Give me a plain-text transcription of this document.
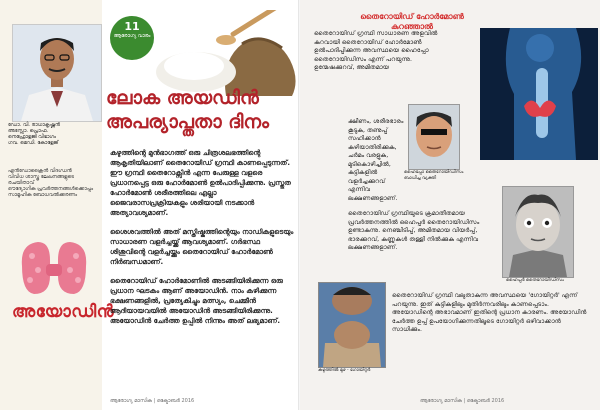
ഡോ. വി. രാധാകൃഷ്ണൻ
അസ്സോ. പ്രൊഫ.
നെഫ്രോളജി വിഭാഗം
ഗവ. മെഡി. കോളേജ്
എൻഡോക്രൈൻ വിദഗ്ധൻ
വിവിധ ശാസ്ത്ര ലേഖനങ്ങളുടെ രചയിതാവ്
ഔദ്യോഗിക പ്രവർത്തനങ്ങൾക്കൊപ്പം
സാമൂഹിക ബോധവൽക്കരണം
അയോഡിൻ
11
ആരോഗ്യ വാരം
ലോക അയഡിൻ അപര്യാപ്തതാ ദിനം

കഴുത്തിന്റെ മുൻഭാഗത്ത് ഒരു ചിത്രശലഭത്തിന്റെ ആകൃതിയിലാണ് തൈറോയിഡ് ഗ്രന്ഥി കാണപ്പെടുന്നത്. ഈ ഗ്രന്ഥി തൈറോക്സിൻ എന്ന പേരുള്ള വളരെ പ്രധാനപ്പെട്ട ഒരു ഹോർമോൺ ഉൽപാദിപ്പിക്കുന്നു. പ്രസ്തുത ഹോർമോൺ ശരീരത്തിലെ എല്ലാ ജൈവരാസപ്രക്രിയകളും ശരിയായി നടക്കാൻ അത്യാവശ്യമാണ്.

ശൈശവത്തിൽ അത് മസ്തിഷ്കത്തിന്റെയും നാഡികളുടെയും സാധാരണ വളർച്ചയ്ക്ക് ആവശ്യമാണ്. ഗർഭസ്ഥ ശിശുവിന്റെ വളർച്ചയ്ക്കും തൈറോയിഡ് ഹോർമോൺ നിർബന്ധമാണ്.

തൈറോയിഡ് ഹോർമോണിൽ അടങ്ങിയിരിക്കുന്ന ഒരു പ്രധാന ഘടകം ആണ് അയോഡിൻ. നാം കഴിക്കുന്ന ഭക്ഷണങ്ങളിൽ, പ്രത്യേകിച്ചും മത്സ്യം, ചെമ്മീൻ ആദിയായവയിൽ അയോഡിൻ അടങ്ങിയിരിക്കുന്നു. അയോഡിൻ ചേർത്ത ഉപ്പിൽ നിന്നും അത് ലഭ്യമാണ്.

ആരോഗ്യ മാസിക | ഒക്ടോബർ 2016
തൈറോയിഡ് ഹോർമോൺ കുറഞ്ഞാൽ
തൈറോയിഡ് ഗ്രന്ഥി സാധാരണ അളവിൽ കുറവായി തൈറോയിഡ് ഹോർമോൺ ഉൽപാദിപ്പിക്കുന്ന അവസ്ഥയെ ഹൈപ്പോ തൈറോയിഡിസം എന്ന് പറയുന്നു. ഉന്മേഷക്കുറവ്, അമിതമായ
ക്ഷീണം, ശരീരഭാരം കൂടുക, തണുപ്പ് സഹിക്കാൻ കഴിയാതിരിക്കുക, ചർമം വരളുക, മുടികൊഴിച്ചിൽ, കുട്ടികളിൽ വളർച്ചക്കുറവ് എന്നിവ ലക്ഷണങ്ങളാണ്.
ഹൈപ്പോ തൈറോയിഡിസം ബാധിച്ച വ്യക്തി
തൈറോയിഡ് ഗ്രന്ഥിയുടെ ക്രമാതീതമായ പ്രവർത്തനത്തിൽ ഹൈപ്പർ തൈറോയിഡിസം ഉണ്ടാകുന്നു. നെഞ്ചിടിപ്പ്, അമിതമായ വിയർപ്പ്, ഭാരക്കുറവ്, കണ്ണുകൾ തള്ളി നിൽക്കുക എന്നിവ ലക്ഷണങ്ങളാണ്.
ഹൈപ്പർ തൈറോയിഡിസം
കഴുത്തിൽ മുഴ - ഗോയിറ്റർ
തൈറോയിഡ് ഗ്രന്ഥി വലുതാകുന്ന അവസ്ഥയെ 'ഗോയിറ്റർ' എന്ന് പറയുന്നു. ഇത് കുട്ടികളിലും മുതിർന്നവരിലും കാണപ്പെടാം. അയോഡിന്റെ അഭാവമാണ് ഇതിന്റെ പ്രധാന കാരണം. അയോഡിൻ ചേർത്ത ഉപ്പ് ഉപയോഗിക്കുന്നതിലൂടെ ഗോയിറ്റർ ഒഴിവാക്കാൻ സാധിക്കും.
ആരോഗ്യ മാസിക | ഒക്ടോബർ 2016
